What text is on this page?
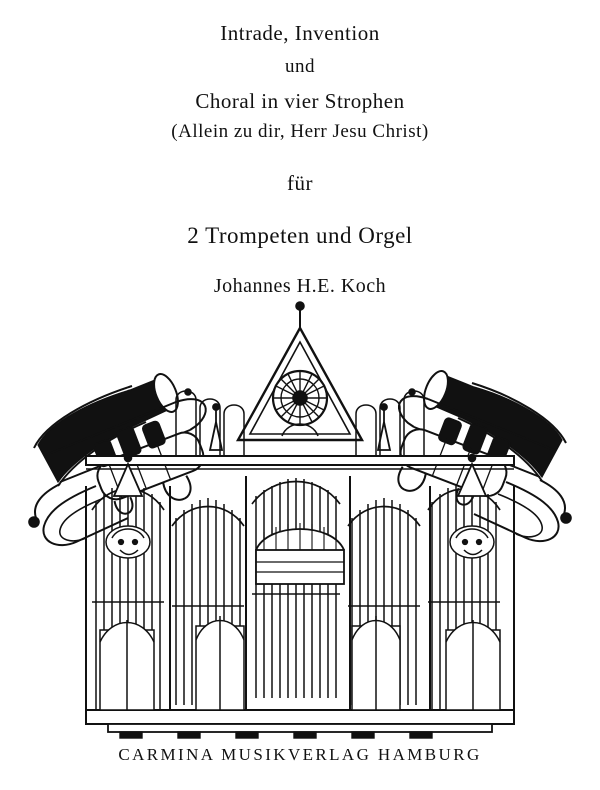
Intrade, Invention
und
Choral in vier Strophen
(Allein zu dir, Herr Jesu Christ)
für
2 Trompeten und Orgel
Johannes H.E. Koch
CARMINA MUSIKVERLAG HAMBURG
